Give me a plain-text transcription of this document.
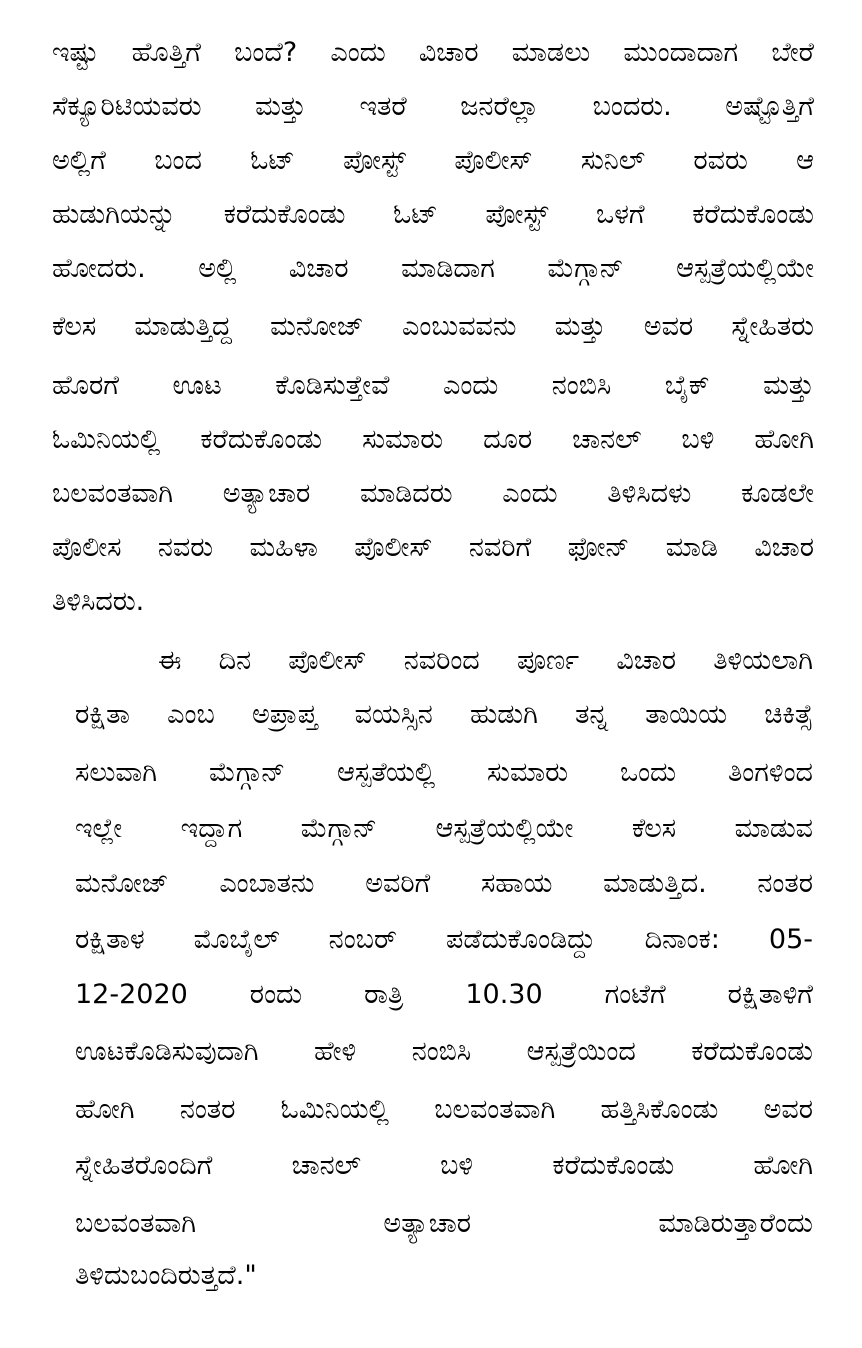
ಇಷ್ಟು ಹೊತ್ತಿಗೆ ಬಂದೆ? ಎಂದು ವಿಚಾರ ಮಾಡಲು ಮುಂದಾದಾಗ ಬೇರೆ
ಸೆಕ್ಯೂರಿಟಿಯವರು ಮತ್ತು ಇತರೆ ಜನರೆಲ್ಲಾ ಬಂದರು. ಅಷ್ಟೊತ್ತಿಗೆ
ಅಲ್ಲಿಗೆ ಬಂದ ಓಟ್ ಪೋಸ್ಟ್ ಪೊಲೀಸ್ ಸುನಿಲ್ ರವರು ಆ
ಹುಡುಗಿಯನ್ನು ಕರೆದುಕೊಂಡು ಓಟ್ ಪೋಸ್ಟ್ ಒಳಗೆ ಕರೆದುಕೊಂಡು
ಹೋದರು. ಅಲ್ಲಿ ವಿಚಾರ ಮಾಡಿದಾಗ ಮೆಗ್ಗಾನ್ ಆಸ್ಪತ್ರೆಯಲ್ಲಿಯೇ
ಕೆಲಸ ಮಾಡುತ್ತಿದ್ದ ಮನೋಜ್ ಎಂಬುವವನು ಮತ್ತು ಅವರ ಸ್ನೇಹಿತರು
ಹೊರಗೆ ಊಟ ಕೊಡಿಸುತ್ತೇವೆ ಎಂದು ನಂಬಿಸಿ ಬೈಕ್ ಮತ್ತು
ಓಮಿನಿಯಲ್ಲಿ ಕರೆದುಕೊಂಡು ಸುಮಾರು ದೂರ ಚಾನಲ್ ಬಳಿ ಹೋಗಿ
ಬಲವಂತವಾಗಿ ಅತ್ಯಾಚಾರ ಮಾಡಿದರು ಎಂದು ತಿಳಿಸಿದಳು ಕೂಡಲೇ
ಪೊಲೀಸ ನವರು ಮಹಿಳಾ ಪೊಲೀಸ್ ನವರಿಗೆ ಫೋನ್ ಮಾಡಿ ವಿಚಾರ
ತಿಳಿಸಿದರು.
ಈ ದಿನ ಪೊಲೀಸ್ ನವರಿಂದ ಪೂರ್ಣ ವಿಚಾರ ತಿಳಿಯಲಾಗಿ
ರಕ್ಷಿತಾ ಎಂಬ ಅಪ್ರಾಪ್ತ ವಯಸ್ಸಿನ ಹುಡುಗಿ ತನ್ನ ತಾಯಿಯ ಚಿಕಿತ್ಸೆ
ಸಲುವಾಗಿ ಮೆಗ್ಗಾನ್ ಆಸ್ಪತೆಯಲ್ಲಿ ಸುಮಾರು ಒಂದು ತಿಂಗಳಿಂದ
ಇಲ್ಲೇ ಇದ್ದಾಗ ಮೆಗ್ಗಾನ್ ಆಸ್ಪತ್ರೆಯಲ್ಲಿಯೇ ಕೆಲಸ ಮಾಡುವ
ಮನೋಜ್ ಎಂಬಾತನು ಅವರಿಗೆ ಸಹಾಯ ಮಾಡುತ್ತಿದ. ನಂತರ
ರಕ್ಷಿತಾಳ ಮೊಬೈಲ್ ನಂಬರ್ ಪಡೆದುಕೊಂಡಿದ್ದು ದಿನಾಂಕ: 05-
12-2020 ರಂದು ರಾತ್ರಿ 10.30 ಗಂಟೆಗೆ ರಕ್ಷಿತಾಳಿಗೆ
ಊಟಕೊಡಿಸುವುದಾಗಿ ಹೇಳಿ ನಂಬಿಸಿ ಆಸ್ಪತ್ರೆಯಿಂದ ಕರೆದುಕೊಂಡು
ಹೋಗಿ ನಂತರ ಓಮಿನಿಯಲ್ಲಿ ಬಲವಂತವಾಗಿ ಹತ್ತಿಸಿಕೊಂಡು ಅವರ
ಸ್ನೇಹಿತರೊಂದಿಗೆ ಚಾನಲ್ ಬಳಿ ಕರೆದುಕೊಂಡು ಹೋಗಿ
ಬಲವಂತವಾಗಿ ಅತ್ಯಾಚಾರ ಮಾಡಿರುತ್ತಾರೆಂದು
ತಿಳಿದುಬಂದಿರುತ್ತದೆ."
